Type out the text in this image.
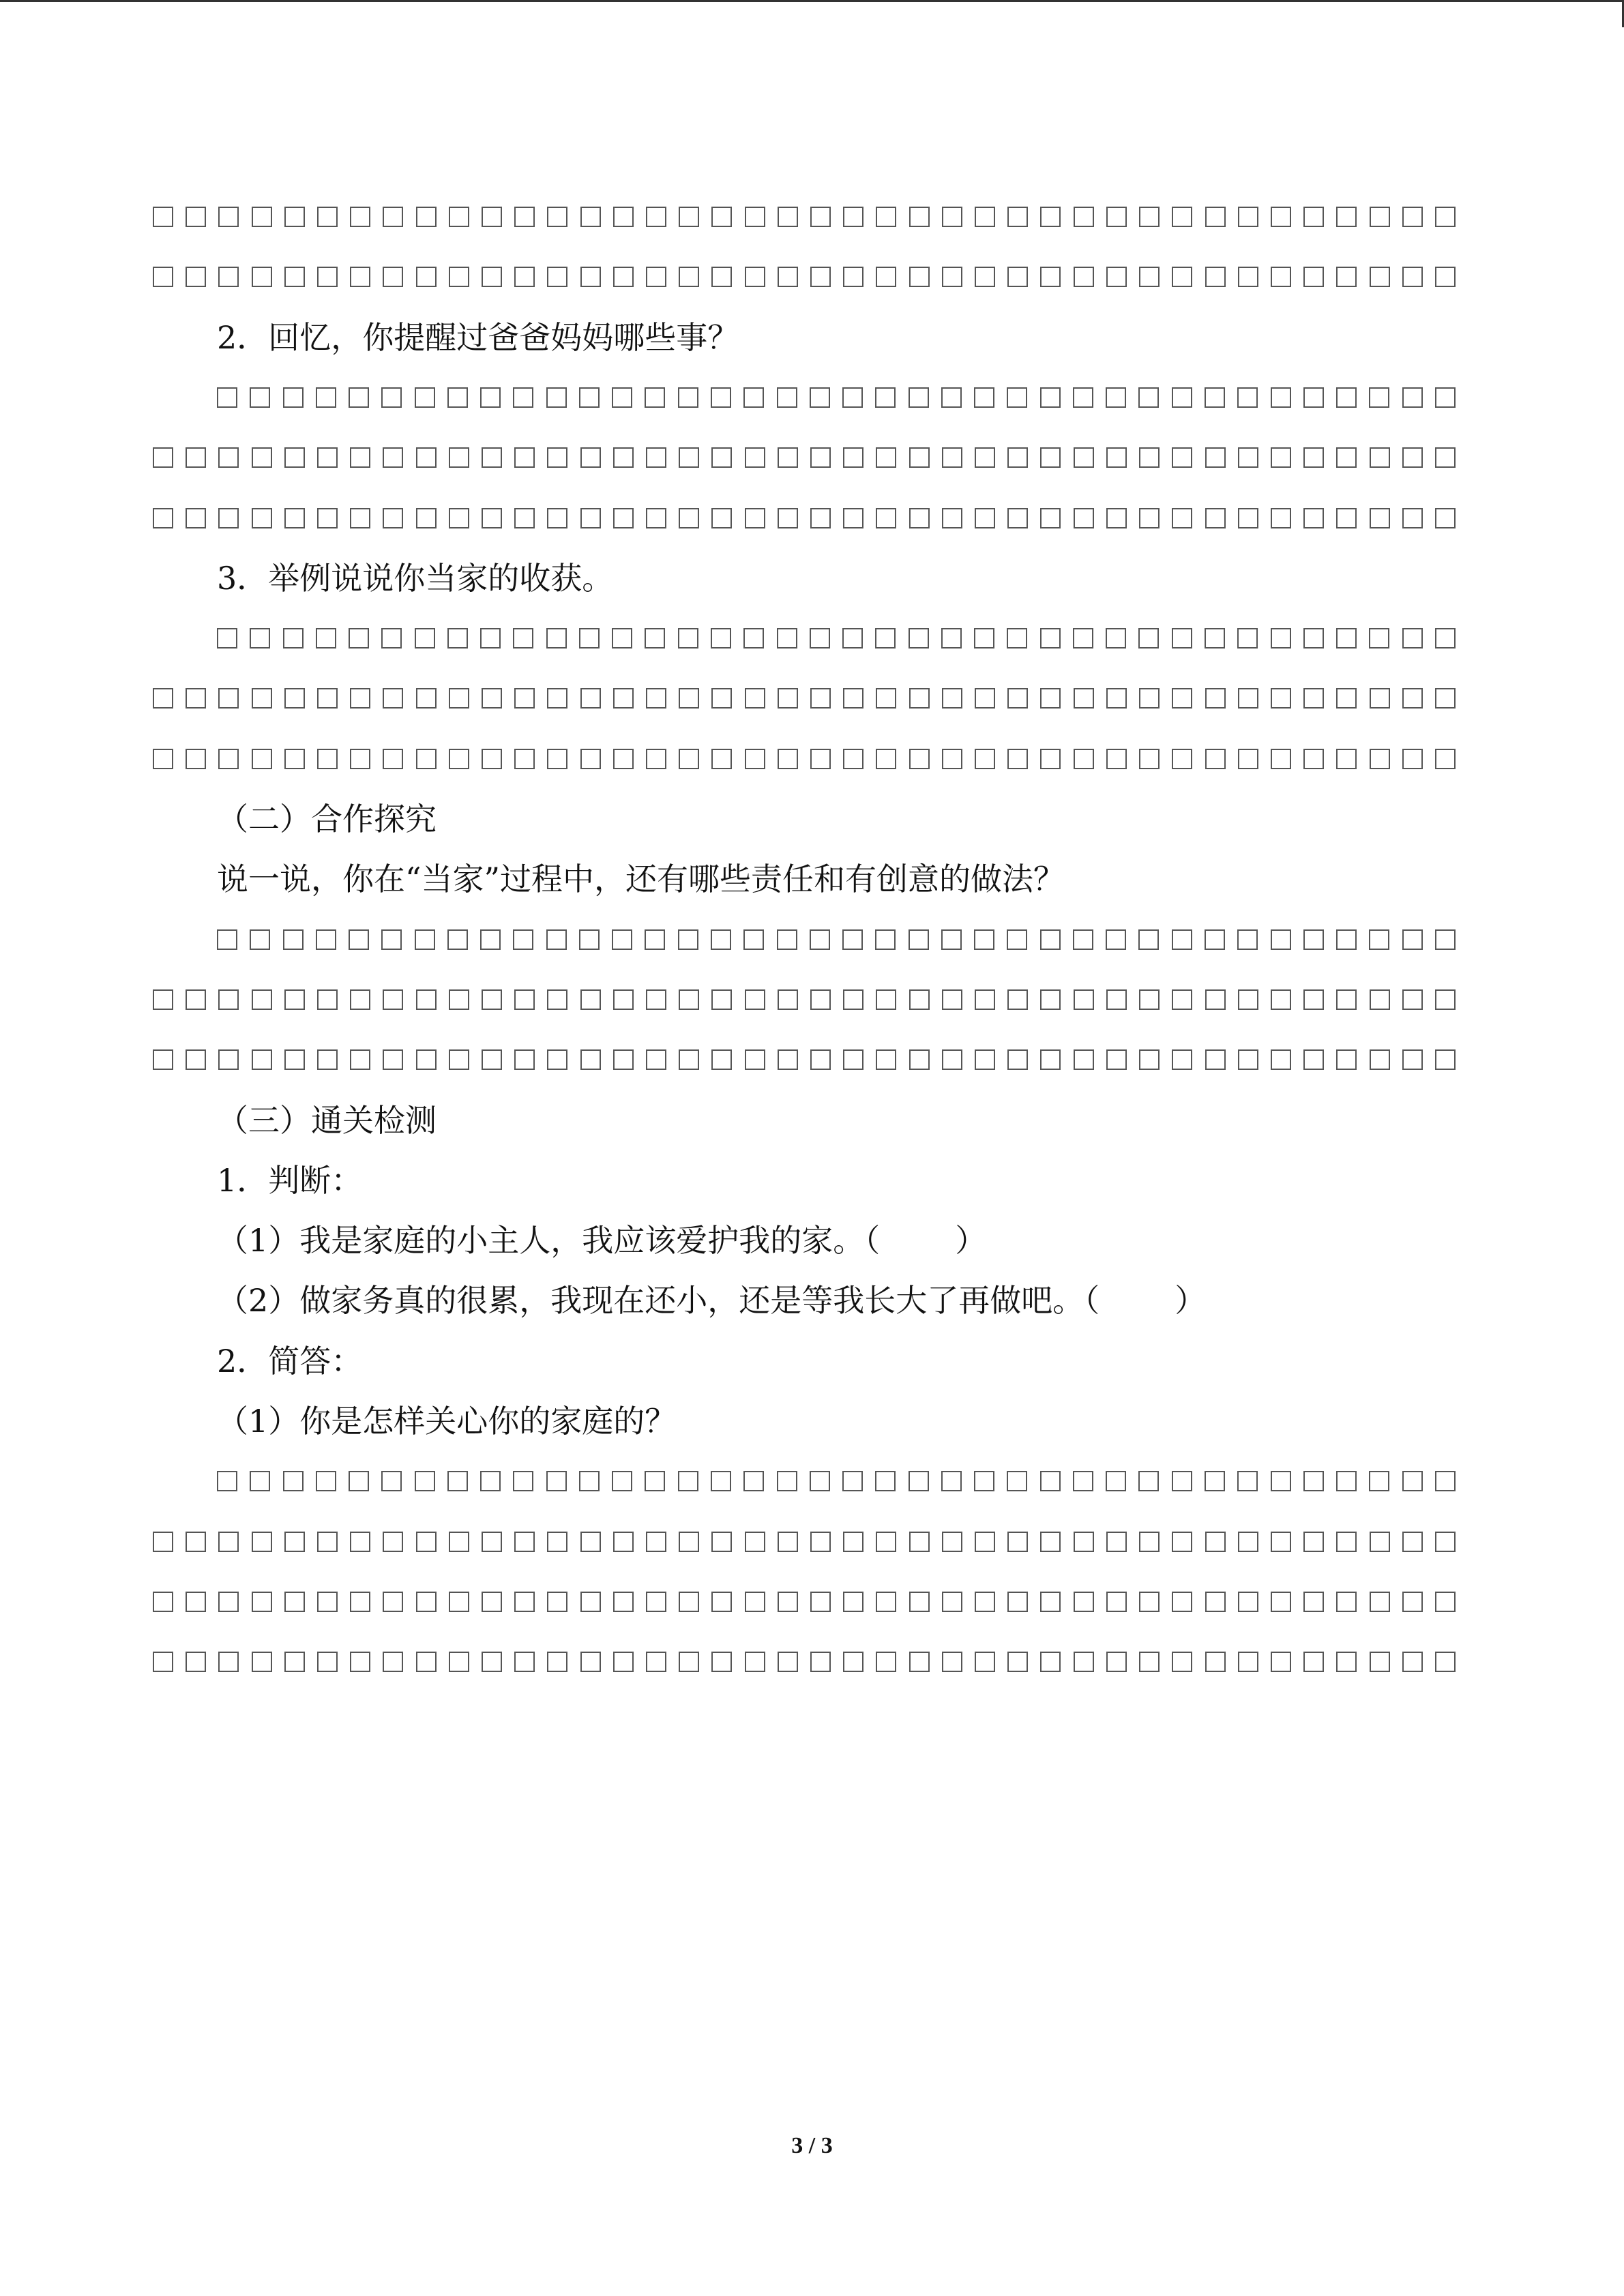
2．回忆，你提醒过爸爸妈妈哪些事？
3．举例说说你当家的收获。
（二）合作探究
说一说，你在“当家”过程中，还有哪些责任和有创意的做法？
（三）通关检测
1．判断：
（1）我是家庭的小主人，我应该爱护我的家。（ ）
（2）做家务真的很累，我现在还小，还是等我长大了再做吧。（ ）
2．简答：
（1）你是怎样关心你的家庭的？
3 / 3
